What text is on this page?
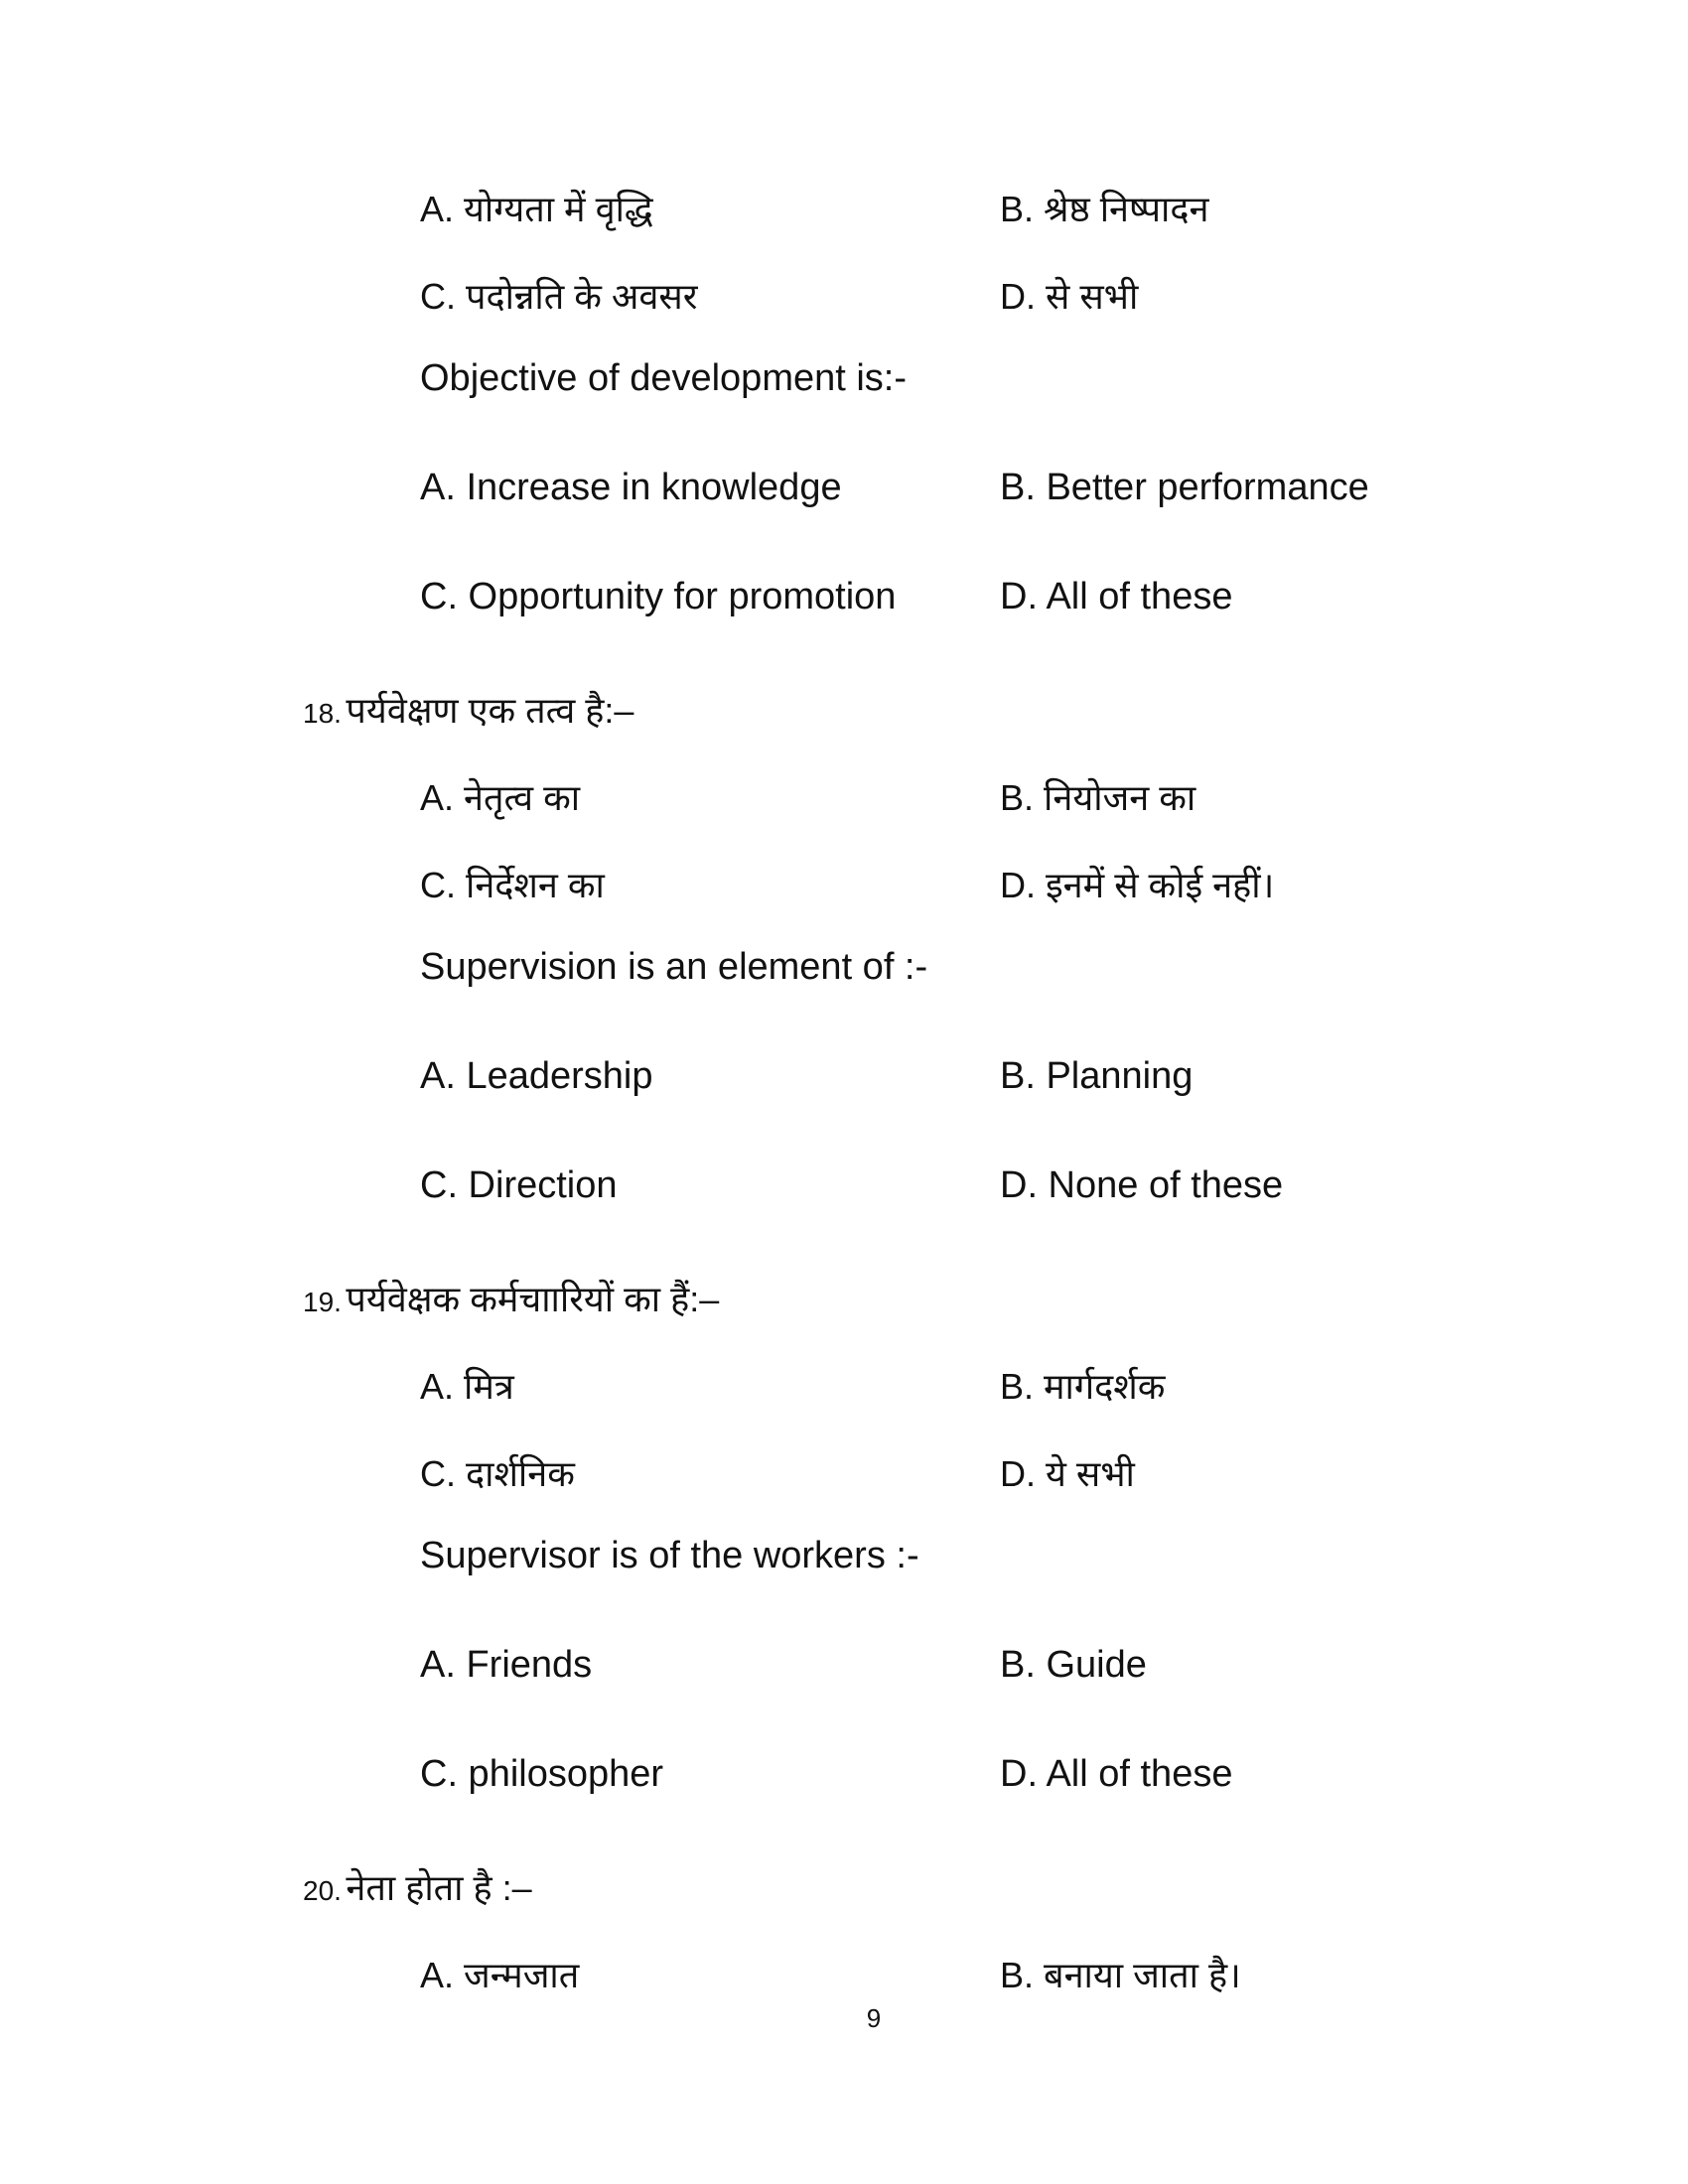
A. योग्यता में वृद्धि	B. श्रेष्ठ निष्पादन
C. पदोन्नति के अवसर	D. से सभी
Objective of development is:-
A. Increase in knowledge	B. Better performance
C. Opportunity for promotion	D. All of these
18. पर्यवेक्षण एक तत्व है:–
A. नेतृत्व का	B. नियोजन का
C. निर्देशन का	D. इनमें से कोई नहीं।
Supervision is an element of :-
A. Leadership	B. Planning
C. Direction	D. None of these
19. पर्यवेक्षक कर्मचाारियों का हैं:–
A. मित्र	B. मार्गदर्शक
C. दार्शनिक	D. ये सभी
Supervisor is of the workers :-
A. Friends	B. Guide
C. philosopher	D. All of these
20. नेता होता है :–
A. जन्मजात	B. बनाया जाता है।
9
